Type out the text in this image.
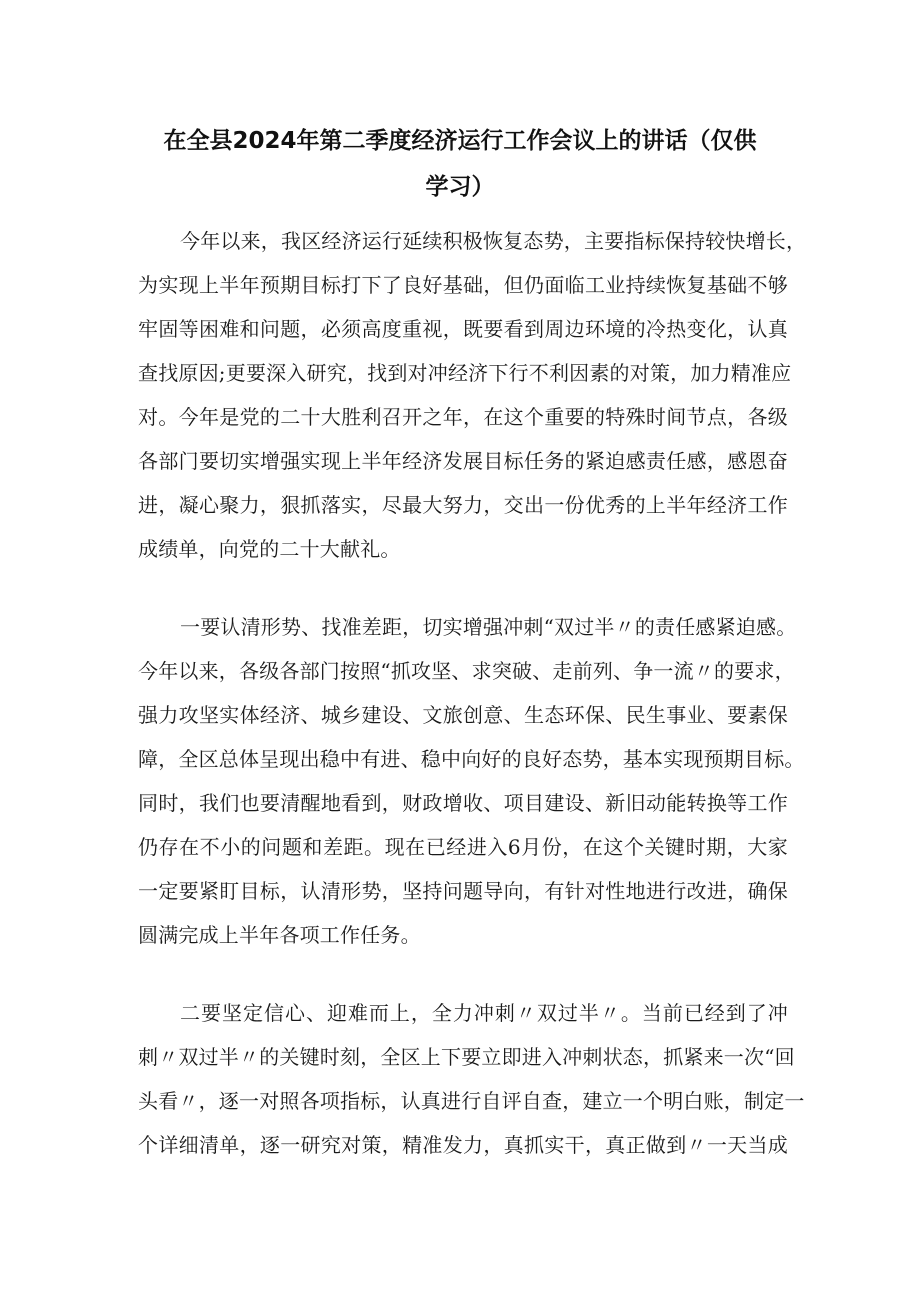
在全县2024年第二季度经济运行工作会议上的讲话（仅供
学习）
今年以来，我区经济运行延续积极恢复态势，主要指标保持较快增长，
为实现上半年预期目标打下了良好基础，但仍面临工业持续恢复基础不够
牢固等困难和问题，必须高度重视，既要看到周边环境的冷热变化，认真
查找原因;更要深入研究，找到对冲经济下行不利因素的对策，加力精准应
对。今年是党的二十大胜利召开之年，在这个重要的特殊时间节点，各级
各部门要切实增强实现上半年经济发展目标任务的紧迫感责任感，感恩奋
进，凝心聚力，狠抓落实，尽最大努力，交出一份优秀的上半年经济工作
成绩单，向党的二十大献礼。
一要认清形势、找准差距，切实增强冲刺“双过半〃的责任感紧迫感。
今年以来，各级各部门按照“抓攻坚、求突破、走前列、争一流〃的要求，
强力攻坚实体经济、城乡建设、文旅创意、生态环保、民生事业、要素保
障，全区总体呈现出稳中有进、稳中向好的良好态势，基本实现预期目标。
同时，我们也要清醒地看到，财政增收、项目建设、新旧动能转换等工作
仍存在不小的问题和差距。现在已经进入6月份，在这个关键时期，大家
一定要紧盯目标，认清形势，坚持问题导向，有针对性地进行改进，确保
圆满完成上半年各项工作任务。
二要坚定信心、迎难而上，全力冲刺〃双过半〃。当前已经到了冲
刺〃双过半〃的关键时刻，全区上下要立即进入冲刺状态，抓紧来一次“回
头看〃，逐一对照各项指标，认真进行自评自查，建立一个明白账，制定一
个详细清单，逐一研究对策，精准发力，真抓实干，真正做到〃一天当成
